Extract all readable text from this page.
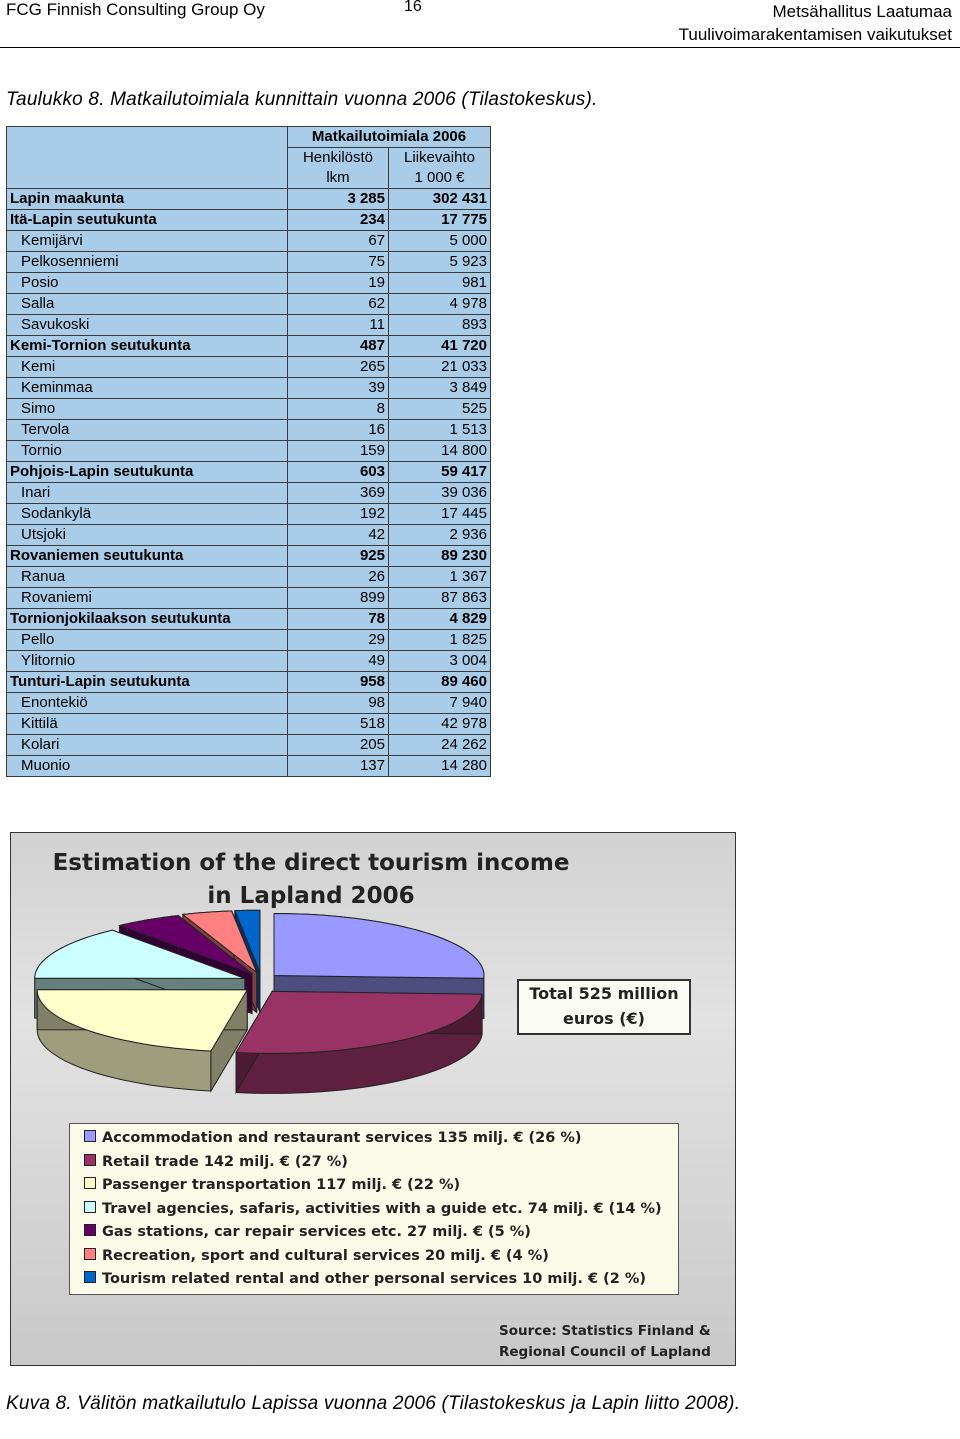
FCG Finnish Consulting Group Oy	16	Metsähallitus Laatumaa
Tuulivoimarakentamisen vaikutukset
Taulukko 8. Matkailutoimiala kunnittain vuonna 2006 (Tilastokeskus).
	Matkailutoimiala 2006	
	Henkilöstö	Liikevaihto
	lkm	1 000 €
Lapin maakunta	3 285	302 431
Itä-Lapin seutukunta	234	17 775
Kemijärvi	67	5 000
Pelkosenniemi	75	5 923
Posio	19	981
Salla	62	4 978
Savukoski	11	893
Kemi-Tornion seutukunta	487	41 720
Kemi	265	21 033
Keminmaa	39	3 849
Simo	8	525
Tervola	16	1 513
Tornio	159	14 800
Pohjois-Lapin seutukunta	603	59 417
Inari	369	39 036
Sodankylä	192	17 445
Utsjoki	42	2 936
Rovaniemen seutukunta	925	89 230
Ranua	26	1 367
Rovaniemi	899	87 863
Tornionjokilaakson seutukunta	78	4 829
Pello	29	1 825
Ylitornio	49	3 004
Tunturi-Lapin seutukunta	958	89 460
Enontekiö	98	7 940
Kittilä	518	42 978
Kolari	205	24 262
Muonio	137	14 280
Estimation of the direct tourism income
in Lapland 2006
Total 525 million
euros (€)
Accommodation and restaurant services 135 milj. € (26 %)
Retail trade 142 milj. € (27 %)
Passenger transportation 117 milj. € (22 %)
Travel agencies, safaris, activities with a guide etc. 74 milj. € (14 %)
Gas stations, car repair services etc. 27 milj. € (5 %)
Recreation, sport and cultural services 20 milj. € (4 %)
Tourism related rental and other personal services 10 milj. € (2 %)
Source: Statistics Finland &
Regional Council of Lapland
Kuva 8. Välitön matkailutulo Lapissa vuonna 2006 (Tilastokeskus ja Lapin liitto 2008).
